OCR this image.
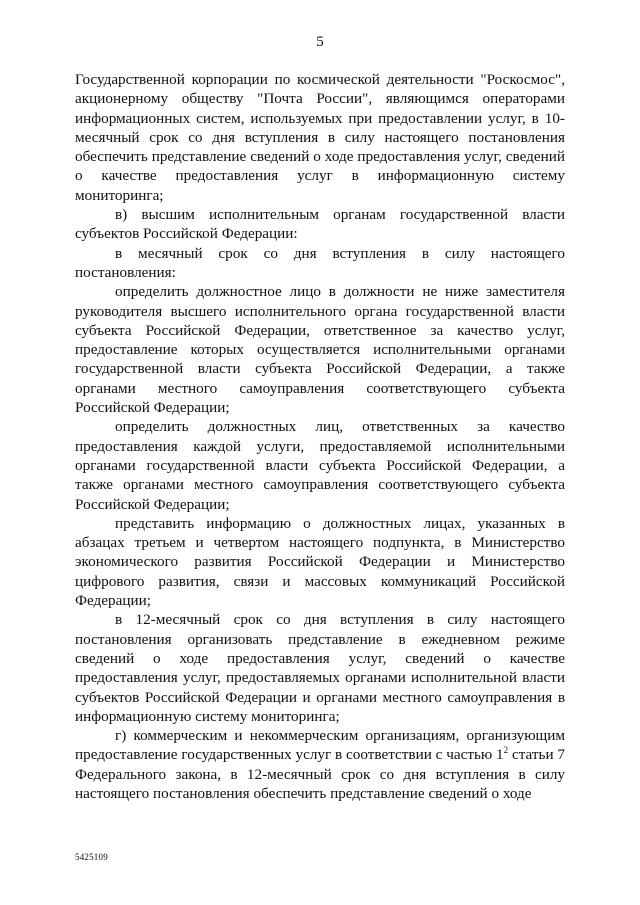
5

Государственной корпорации по космической деятельности "Роскосмос", акционерному обществу "Почта России", являющимся операторами информационных систем, используемых при предоставлении услуг, в 10-месячный срок со дня вступления в силу настоящего постановления обеспечить представление сведений о ходе предоставления услуг, сведений о качестве предоставления услуг в информационную систему мониторинга;

в) высшим исполнительным органам государственной власти субъектов Российской Федерации:

в месячный срок со дня вступления в силу настоящего постановления:

определить должностное лицо в должности не ниже заместителя руководителя высшего исполнительного органа государственной власти субъекта Российской Федерации, ответственное за качество услуг, предоставление которых осуществляется исполнительными органами государственной власти субъекта Российской Федерации, а также органами местного самоуправления соответствующего субъекта Российской Федерации;

определить должностных лиц, ответственных за качество предоставления каждой услуги, предоставляемой исполнительными органами государственной власти субъекта Российской Федерации, а также органами местного самоуправления соответствующего субъекта Российской Федерации;

представить информацию о должностных лицах, указанных в абзацах третьем и четвертом настоящего подпункта, в Министерство экономического развития Российской Федерации и Министерство цифрового развития, связи и массовых коммуникаций Российской Федерации;

в 12-месячный срок со дня вступления в силу настоящего постановления организовать представление в ежедневном режиме сведений о ходе предоставления услуг, сведений о качестве предоставления услуг, предоставляемых органами исполнительной власти субъектов Российской Федерации и органами местного самоуправления в информационную систему мониторинга;

г) коммерческим и некоммерческим организациям, организующим предоставление государственных услуг в соответствии с частью $1^2$ статьи 7 Федерального закона, в 12-месячный срок со дня вступления в силу настоящего постановления обеспечить представление сведений о ходе

5425109
